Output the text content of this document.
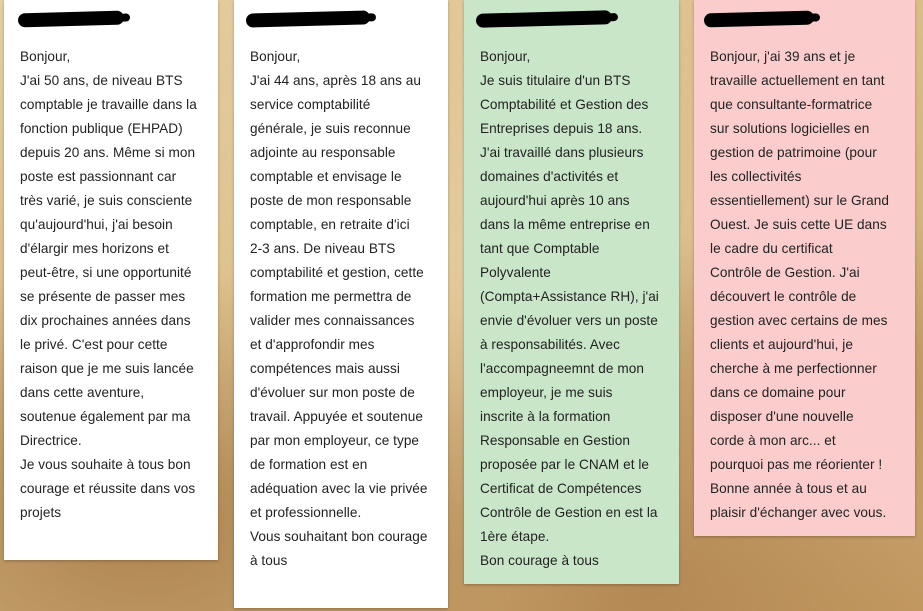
Bonjour,

J'ai 50 ans, de niveau BTS

comptable je travaille dans la

fonction publique (EHPAD)

depuis 20 ans. Même si mon

poste est passionnant car

très varié, je suis consciente

qu'aujourd'hui, j'ai besoin

d'élargir mes horizons et

peut-être, si une opportunité

se présente de passer mes

dix prochaines années dans

le privé. C'est pour cette

raison que je me suis lancée

dans cette aventure,

soutenue également par ma

Directrice.

Je vous souhaite à tous bon

courage et réussite dans vos

projets

Bonjour,

J'ai 44 ans, après 18 ans au

service comptabilité

générale, je suis reconnue

adjointe au responsable

comptable et envisage le

poste de mon responsable

comptable, en retraite d'ici

2-3 ans. De niveau BTS

comptabilité et gestion, cette

formation me permettra de

valider mes connaissances

et d'approfondir mes

compétences mais aussi

d'évoluer sur mon poste de

travail. Appuyée et soutenue

par mon employeur, ce type

de formation est en

adéquation avec la vie privée

et professionnelle.

Vous souhaitant bon courage

à tous

Bonjour,

Je suis titulaire d'un BTS

Comptabilité et Gestion des

Entreprises depuis 18 ans.

J'ai travaillé dans plusieurs

domaines d'activités et

aujourd'hui après 10 ans

dans la même entreprise en

tant que Comptable

Polyvalente

(Compta+Assistance RH), j'ai

envie d'évoluer vers un poste

à responsabilités. Avec

l'accompagneemnt de mon

employeur, je me suis

inscrite à la formation

Responsable en Gestion

proposée par le CNAM et le

Certificat de Compétences

Contrôle de Gestion en est la

1ère étape.

Bon courage à tous

Bonjour, j'ai 39 ans et je

travaille actuellement en tant

que consultante-formatrice

sur solutions logicielles en

gestion de patrimoine (pour

les collectivités

essentiellement) sur le Grand

Ouest. Je suis cette UE dans

le cadre du certificat

Contrôle de Gestion. J'ai

découvert le contrôle de

gestion avec certains de mes

clients et aujourd'hui, je

cherche à me perfectionner

dans ce domaine pour

disposer d'une nouvelle

corde à mon arc... et

pourquoi pas me réorienter !

Bonne année à tous et au

plaisir d'échanger avec vous.
